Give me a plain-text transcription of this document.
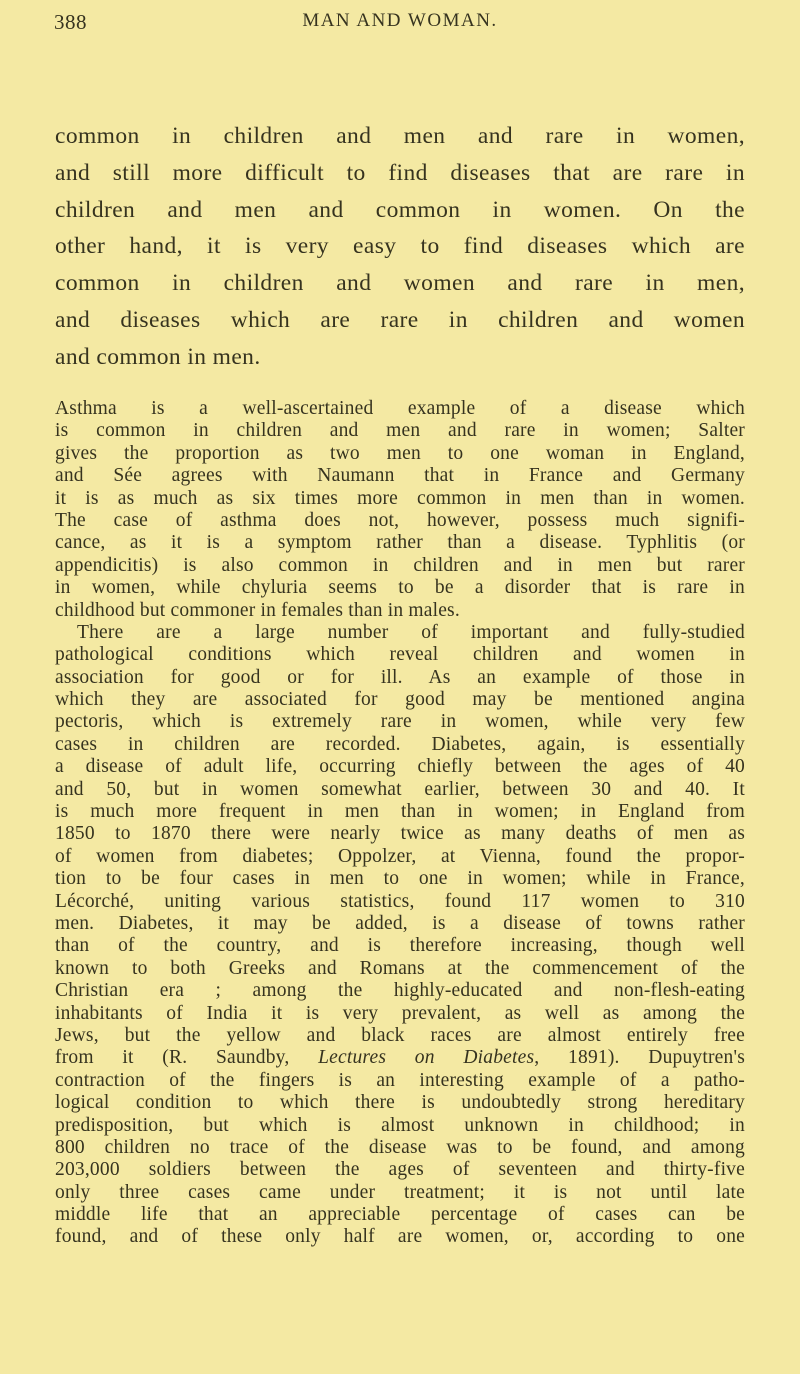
388	MAN AND WOMAN.
common in children and men and rare in women,
and still more difficult to find diseases that are rare in
children and men and common in women. On the
other hand, it is very easy to find diseases which are
common in children and women and rare in men,
and diseases which are rare in children and women
and common in men.
Asthma is a well-ascertained example of a disease which
is common in children and men and rare in women; Salter
gives the proportion as two men to one woman in England,
and Sée agrees with Naumann that in France and Germany
it is as much as six times more common in men than in women.
The case of asthma does not, however, possess much signifi-
cance, as it is a symptom rather than a disease. Typhlitis (or
appendicitis) is also common in children and in men but rarer
in women, while chyluria seems to be a disorder that is rare in
childhood but commoner in females than in males.
There are a large number of important and fully-studied
pathological conditions which reveal children and women in
association for good or for ill. As an example of those in
which they are associated for good may be mentioned angina
pectoris, which is extremely rare in women, while very few
cases in children are recorded. Diabetes, again, is essentially
a disease of adult life, occurring chiefly between the ages of 40
and 50, but in women somewhat earlier, between 30 and 40. It
is much more frequent in men than in women; in England from
1850 to 1870 there were nearly twice as many deaths of men as
of women from diabetes; Oppolzer, at Vienna, found the propor-
tion to be four cases in men to one in women; while in France,
Lécorché, uniting various statistics, found 117 women to 310
men. Diabetes, it may be added, is a disease of towns rather
than of the country, and is therefore increasing, though well
known to both Greeks and Romans at the commencement of the
Christian era ; among the highly-educated and non-flesh-eating
inhabitants of India it is very prevalent, as well as among the
Jews, but the yellow and black races are almost entirely free
from it (R. Saundby, Lectures on Diabetes, 1891). Dupuytren's
contraction of the fingers is an interesting example of a patho-
logical condition to which there is undoubtedly strong hereditary
predisposition, but which is almost unknown in childhood; in
800 children no trace of the disease was to be found, and among
203,000 soldiers between the ages of seventeen and thirty-five
only three cases came under treatment; it is not until late
middle life that an appreciable percentage of cases can be
found, and of these only half are women, or, according to one
